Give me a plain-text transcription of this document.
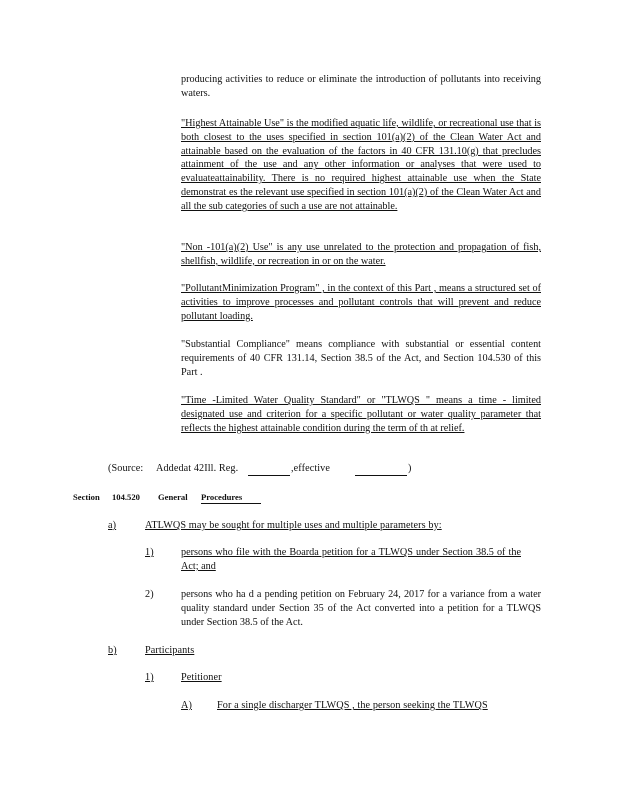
producing activities to reduce or eliminate the introduction of pollutants into receiving waters.

"Highest Attainable Use" is the modified aquatic life, wildlife, or recreational use that is both closest to the uses specified in section 101(a)(2) of the Clean Water Act and attainable based on the evaluation of the factors in 40 CFR 131.10(g) that precludes attainment of the use and any other information or analyses that were used to evaluateattainability. There is no required highest attainable use when the State demonstrat es the relevant use specified in section 101(a)(2) of the Clean Water Act and all the sub categories of such a use are not attainable.

"Non -101(a)(2) Use" is any use unrelated to the protection and propagation of fish, shellfish, wildlife, or recreation in or on the water.

"PollutantMinimization Program" , in the context of this Part , means a structured set of activities to improve processes and pollutant controls that will prevent and reduce pollutant loading.

"Substantial Compliance" means compliance with substantial or essential content requirements of 40 CFR 131.14, Section 38.5 of the Act, and Section 104.530 of this Part .

"Time -Limited Water Quality Standard" or "TLWQS " means a time - limited designated use and criterion for a specific pollutant or water quality parameter that reflects the highest attainable condition during the term of th at relief.

(Source: Addedat 42Ill. Reg.	,effective	)
Section 104.520 General Procedures
a)	ATLWQS may be sought for multiple uses and multiple parameters by:
1)	persons who file with the Boarda petition for a TLWQS under Section 38.5 of the Act; and

2)	persons who ha d a pending petition on February 24, 2017 for a variance from a water quality standard under Section 35 of the Act converted into a petition for a TLWQS under Section 38.5 of the Act.

b)	Participants
1)	Petitioner
A) For a single discharger TLWQS , the person seeking the TLWQS
